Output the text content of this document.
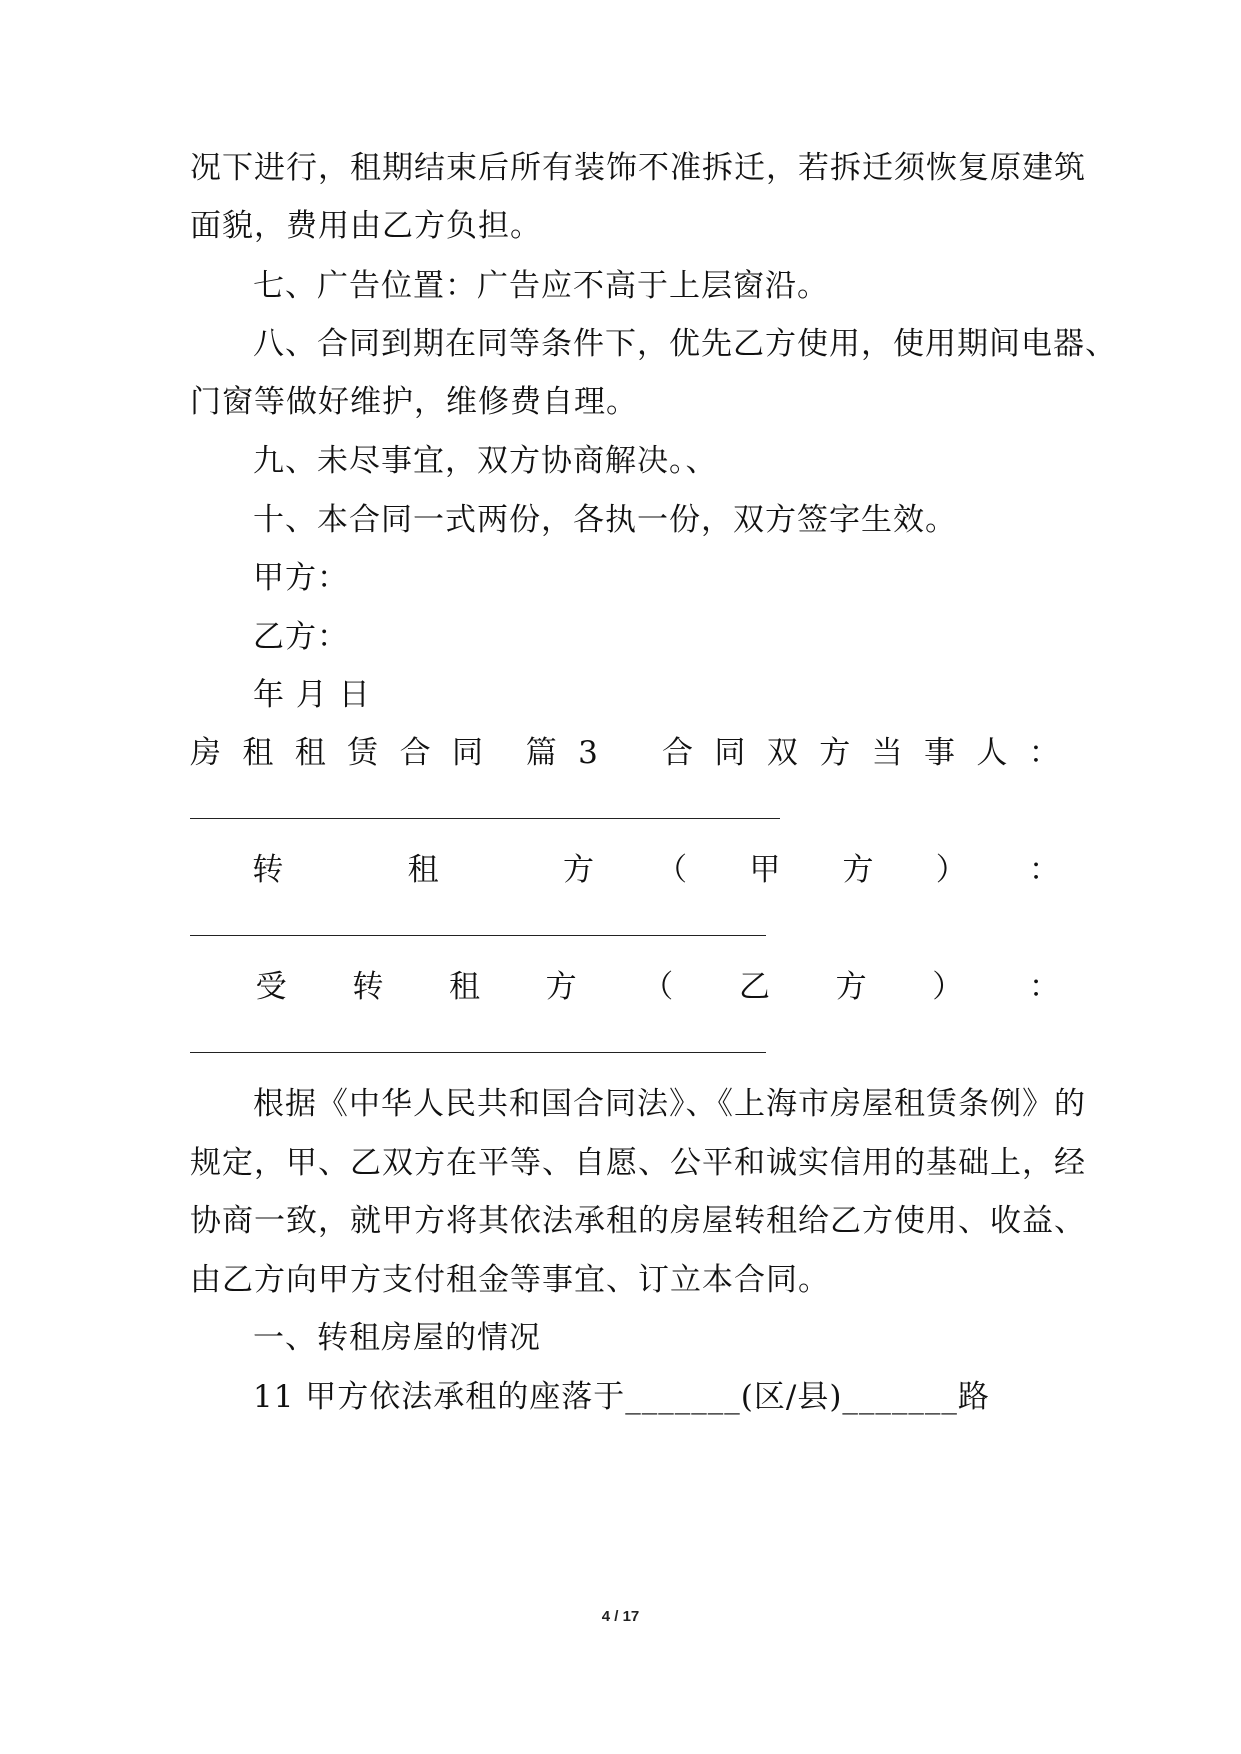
况下进行，租期结束后所有装饰不准拆迁，若拆迁须恢复原建筑
面貌，费用由乙方负担。
七、广告位置：广告应不高于上层窗沿。
八、合同到期在同等条件下，优先乙方使用，使用期间电器、
门窗等做好维护，维修费自理。
九、未尽事宜，双方协商解决。、
十、本合同一式两份，各执一份，双方签字生效。
甲方：
乙方：
年 月 日
房 租 租 赁 合 同 篇 3 合 同 双 方 当 事 人 ：
转	租	方 （ 甲 方 ） ：
受 转 租 方 （ 乙 方 ） ：
根据《中华人民共和国合同法》、《上海市房屋租赁条例》的
规定，甲、乙双方在平等、自愿、公平和诚实信用的基础上，经
协商一致，就甲方将其依法承租的房屋转租给乙方使用、收益、
由乙方向甲方支付租金等事宜、订立本合同。
一、转租房屋的情况
11 甲方依法承租的座落于_______(区/县)_______路
4 / 17
